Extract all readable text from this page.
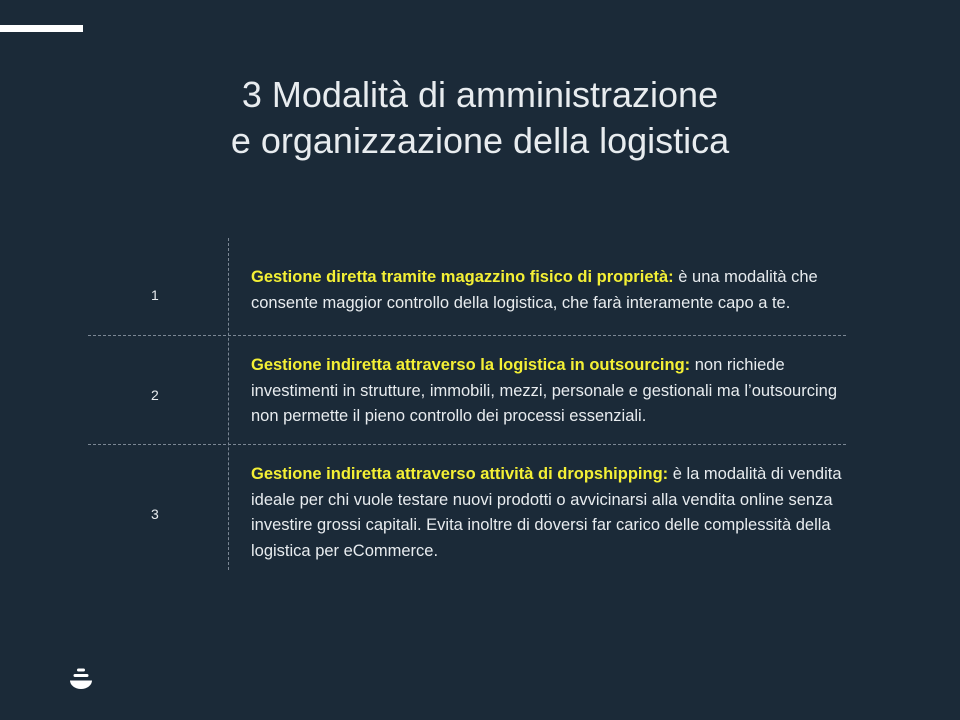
3 Modalità di amministrazione
e organizzazione della logistica
1
Gestione diretta tramite magazzino fisico di proprietà: è una modalità che consente maggior controllo della logistica, che farà interamente capo a te.
2
Gestione indiretta attraverso la logistica in outsourcing: non richiede investimenti in strutture, immobili, mezzi, personale e gestionali ma l’outsourcing non permette il pieno controllo dei processi essenziali.
3
Gestione indiretta attraverso attività di dropshipping: è la modalità di vendita ideale per chi vuole testare nuovi prodotti o avvicinarsi alla vendita online senza investire grossi capitali. Evita inoltre di doversi far carico delle complessità della logistica per eCommerce.
